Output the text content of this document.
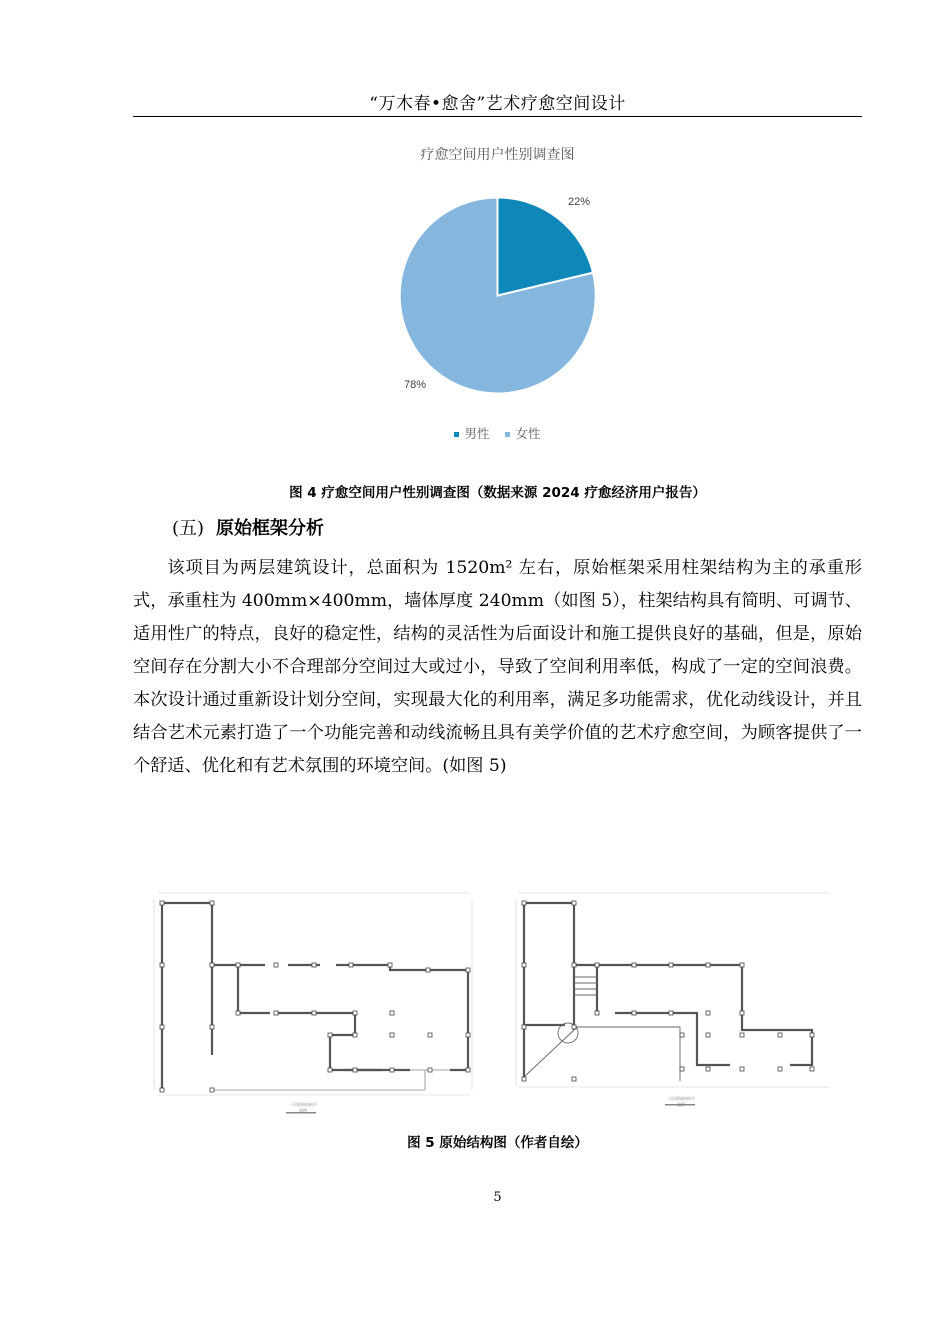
“万木春•愈舍”艺术疗愈空间设计
疗愈空间用户性别调查图
22%
78%
男性 女性
图 4 疗愈空间用户性别调查图（数据来源 2024 疗愈经济用户报告）
(五) 原始框架分析
该项目为两层建筑设计，总面积为 1520m² 左右，原始框架采用柱架结构为主的承重形式，承重柱为 400mm×400mm，墙体厚度 240mm（如图 5），柱架结构具有简明、可调节、适用性广的特点，良好的稳定性，结构的灵活性为后面设计和施工提供良好的基础，但是，原始空间存在分割大小不合理部分空间过大或过小，导致了空间利用率低，构成了一定的空间浪费。本次设计通过重新设计划分空间，实现最大化的利用率，满足多功能需求，优化动线设计，并且结合艺术元素打造了一个功能完善和动线流畅且具有美学价值的艺术疗愈空间，为顾客提供了一个舒适、优化和有艺术氛围的环境空间。(如图 5)
一层原始结构平面图
二层原始结构平面图
图 5 原始结构图（作者自绘）
5
